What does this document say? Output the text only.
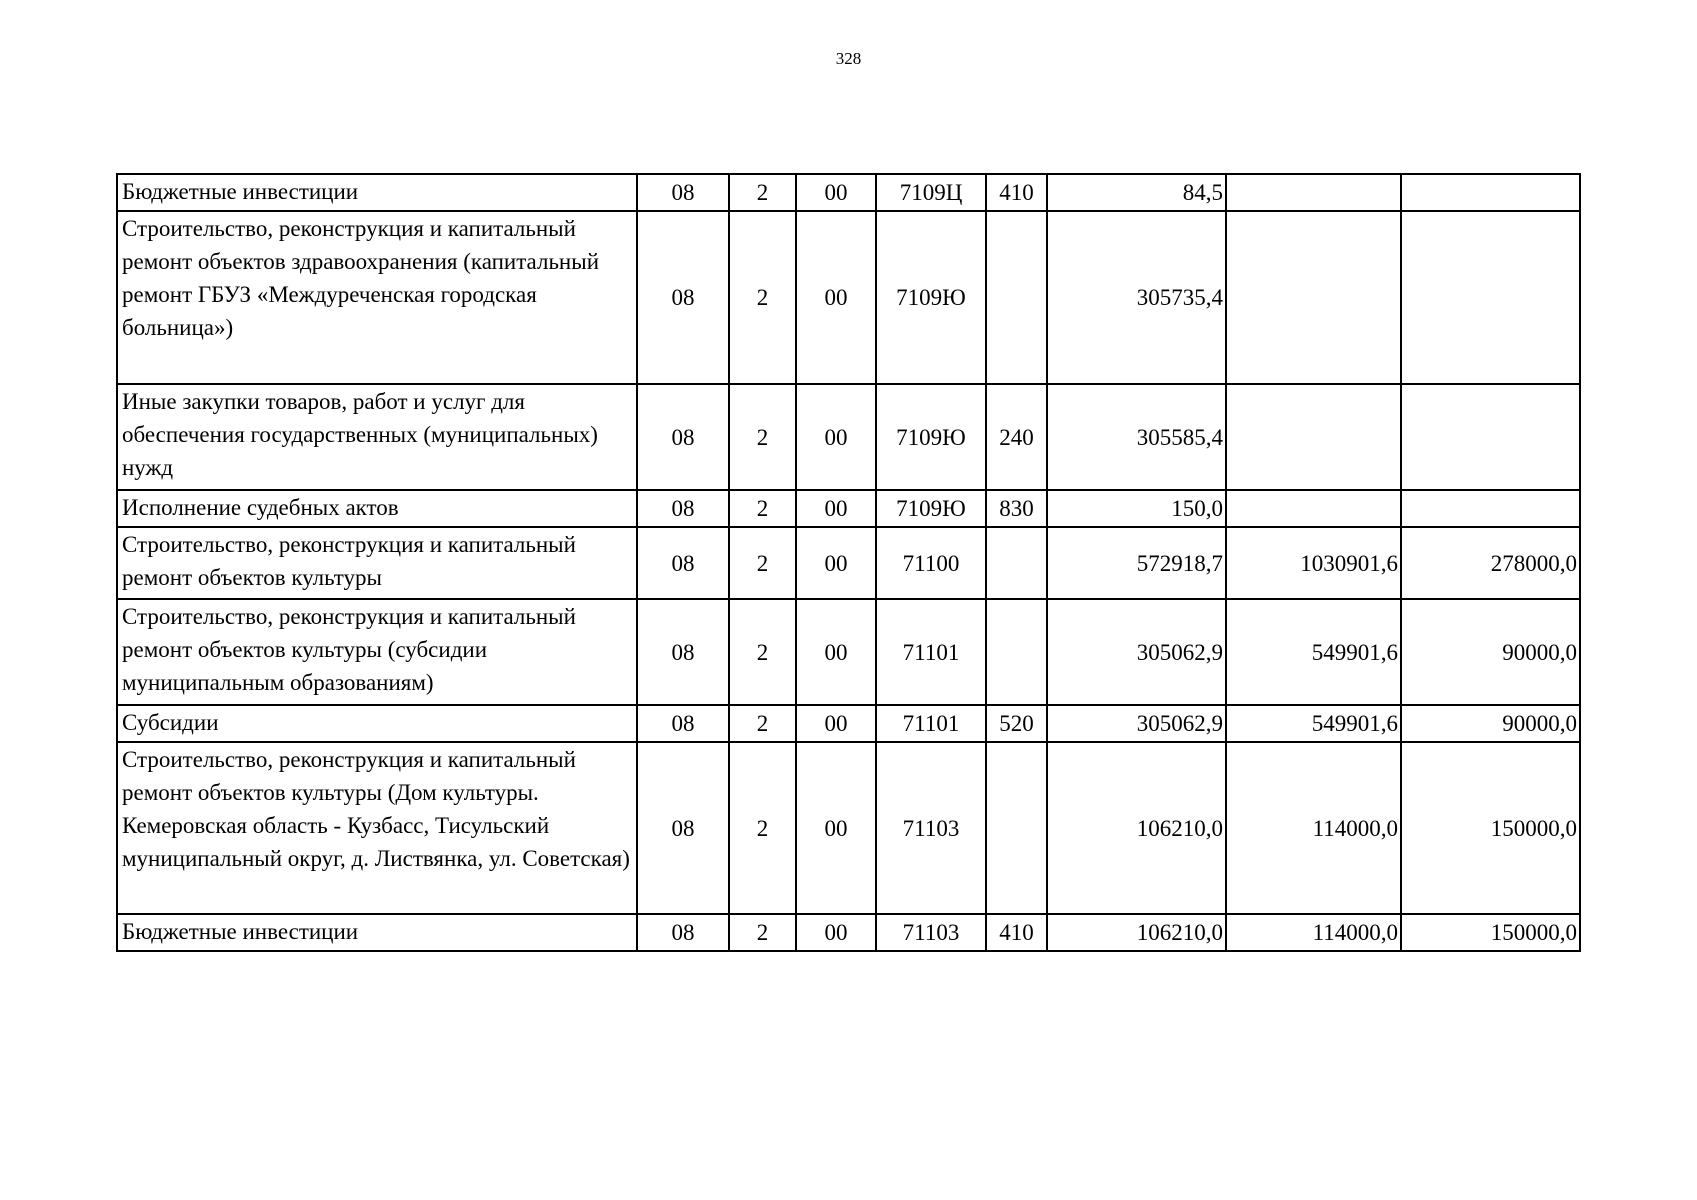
328
Бюджетные инвестиции	08	2	00	7109Ц	410	84,5		
Строительство, реконструкция и капитальный ремонт объектов здравоохранения (капитальный ремонт ГБУЗ «Междуреченская городская больница»)	08	2	00	7109Ю		305735,4		
Иные закупки товаров, работ и услуг для обеспечения государственных (муниципальных) нужд	08	2	00	7109Ю	240	305585,4		
Исполнение судебных актов	08	2	00	7109Ю	830	150,0		
Строительство, реконструкция и капитальный ремонт объектов культуры	08	2	00	71100		572918,7	1030901,6	278000,0
Строительство, реконструкция и капитальный ремонт объектов культуры (субсидии муниципальным образованиям)	08	2	00	71101		305062,9	549901,6	90000,0
Субсидии	08	2	00	71101	520	305062,9	549901,6	90000,0
Строительство, реконструкция и капитальный ремонт объектов культуры (Дом культуры. Кемеровская область - Кузбасс, Тисульский муниципальный округ, д. Листвянка, ул. Советская)	08	2	00	71103		106210,0	114000,0	150000,0
Бюджетные инвестиции	08	2	00	71103	410	106210,0	114000,0	150000,0
